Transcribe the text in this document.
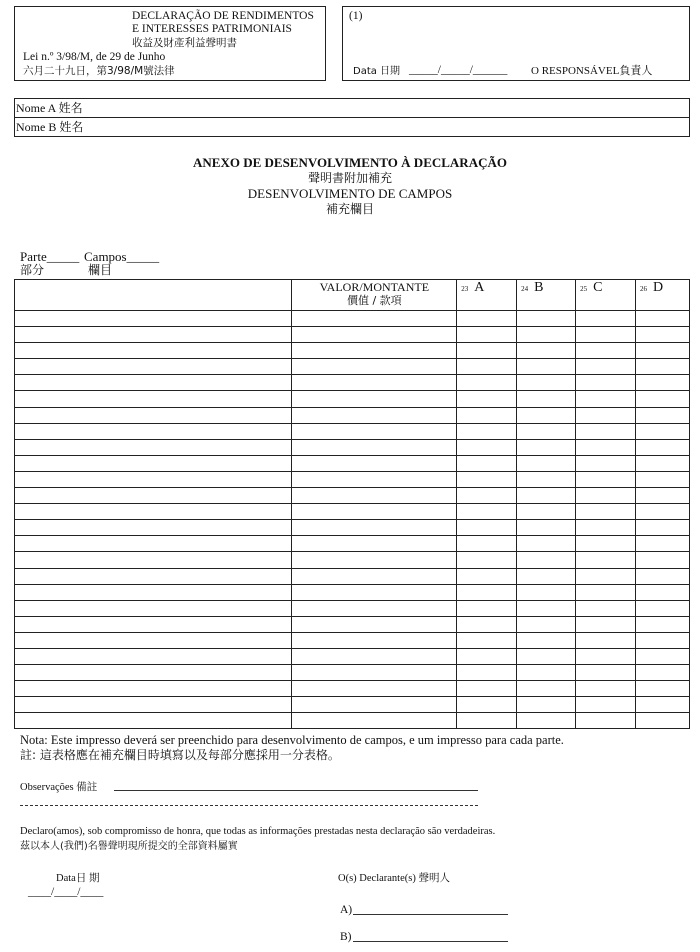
DECLARAÇÃO DE RENDIMENTOS
E INTERESSES PATRIMONIAIS
收益及財產利益聲明書
Lei n.º 3/98/M, de 29 de Junho
六月二十九日，第3/98/M號法律
(1)
Data 日期 _____/_____/______ O RESPONSÁVEL負責人
Nome A 姓名
Nome B 姓名
ANEXO DE DESENVOLVIMENTO À DECLARAÇÃO
聲明書附加補充
DESENVOLVIMENTO DE CAMPOS
補充欄目
Parte_____ Campos_____
部分	欄目

	VALOR/MONTANTE
價值 / 款項	23 A	24 B	25 C	26 D

Nota: Este impresso deverá ser preenchido para desenvolvimento de campos, e um impresso para cada parte.
註: 這表格應在補充欄目時填寫以及每部分應採用一分表格。
Observações 備註
Declaro(amos), sob compromisso de honra, que todas as informações prestadas nesta declaração são verdadeiras.
茲以本人(我們)名譽聲明現所提交的全部資料屬實
Data日 期
____/____/____
O(s) Declarante(s) 聲明人
A)
B)
